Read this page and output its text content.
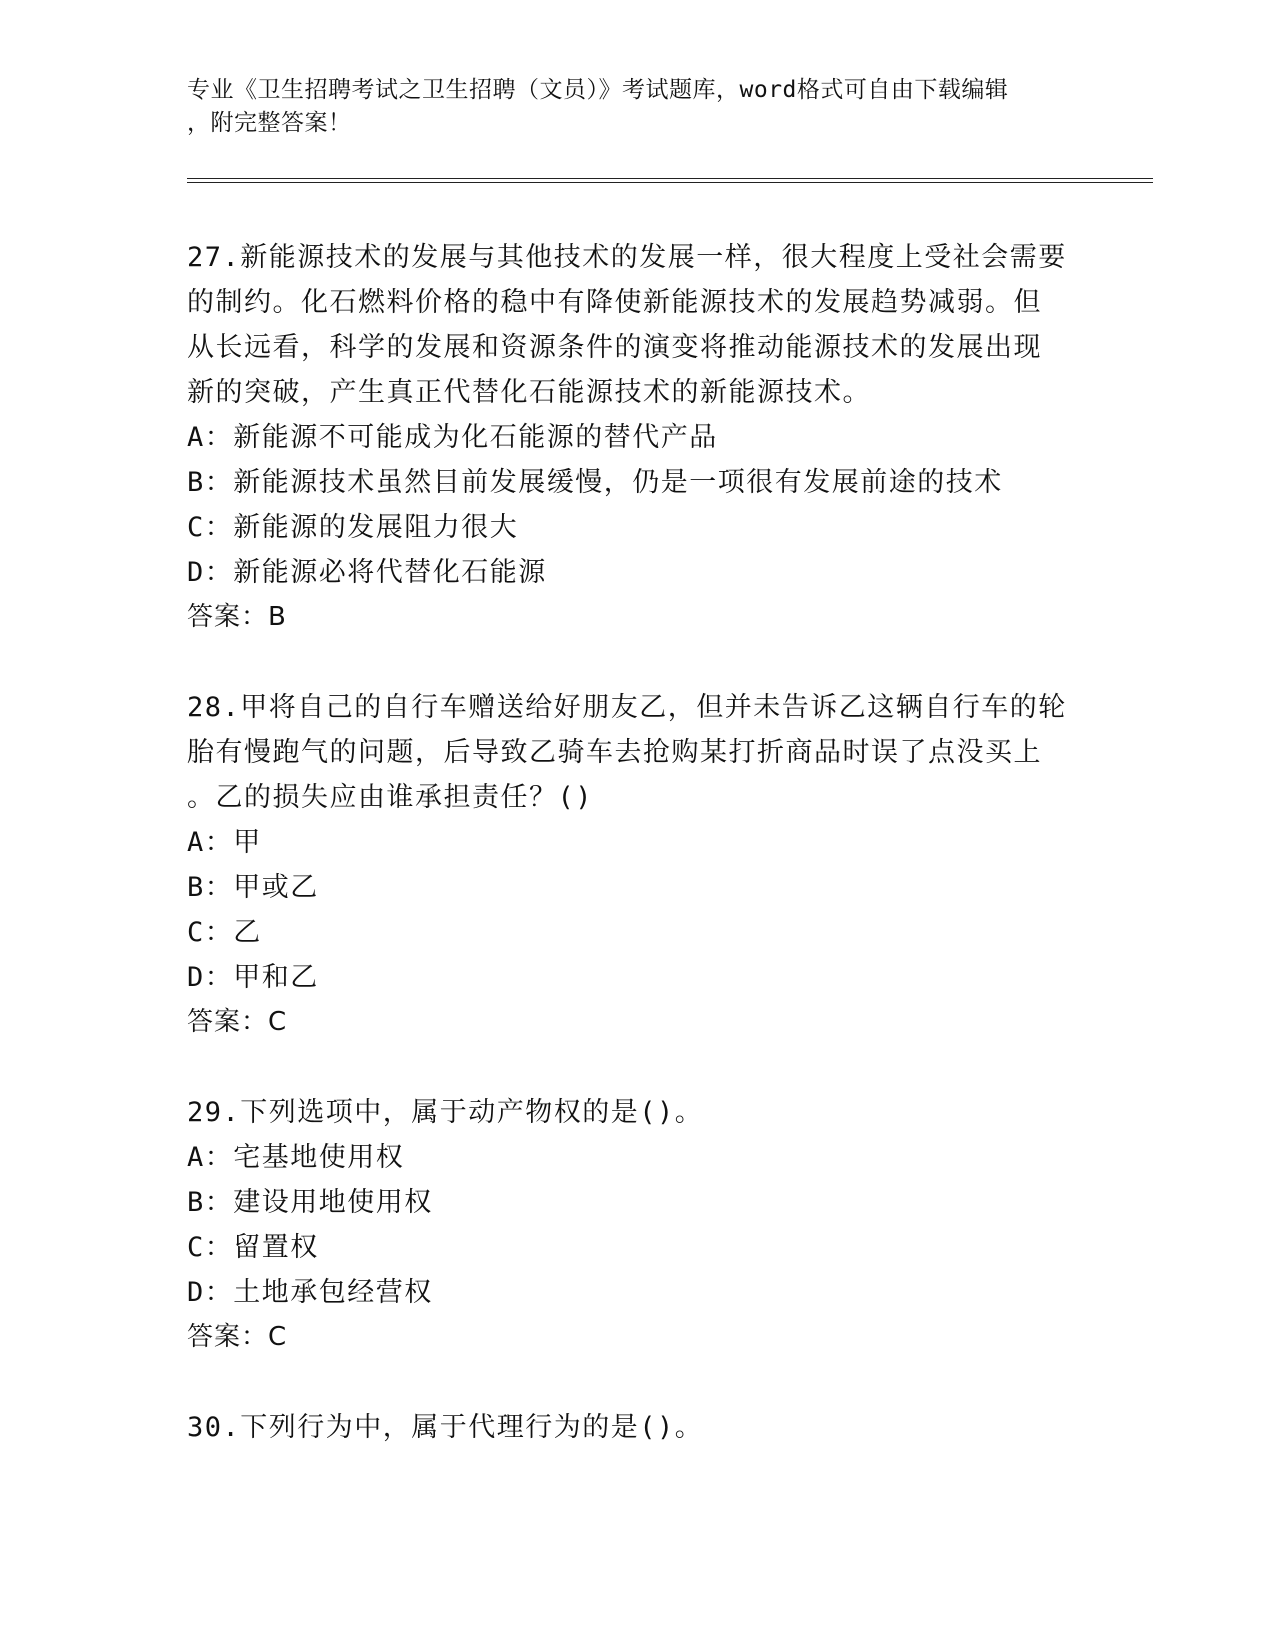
专业《卫生招聘考试之卫生招聘（文员）》考试题库，word格式可自由下载编辑
，附完整答案！
27.新能源技术的发展与其他技术的发展一样，很大程度上受社会需要
的制约。化石燃料价格的稳中有降使新能源技术的发展趋势减弱。但
从长远看，科学的发展和资源条件的演变将推动能源技术的发展出现
新的突破，产生真正代替化石能源技术的新能源技术。
A：新能源不可能成为化石能源的替代产品
B：新能源技术虽然目前发展缓慢，仍是一项很有发展前途的技术
C：新能源的发展阻力很大
D：新能源必将代替化石能源
答案：B
28.甲将自己的自行车赠送给好朋友乙，但并未告诉乙这辆自行车的轮
胎有慢跑气的问题，后导致乙骑车去抢购某打折商品时误了点没买上
。乙的损失应由谁承担责任？()
A：甲
B：甲或乙
C：乙
D：甲和乙
答案：C
29.下列选项中，属于动产物权的是()。
A：宅基地使用权
B：建设用地使用权
C：留置权
D：土地承包经营权
答案：C
30.下列行为中，属于代理行为的是()。
